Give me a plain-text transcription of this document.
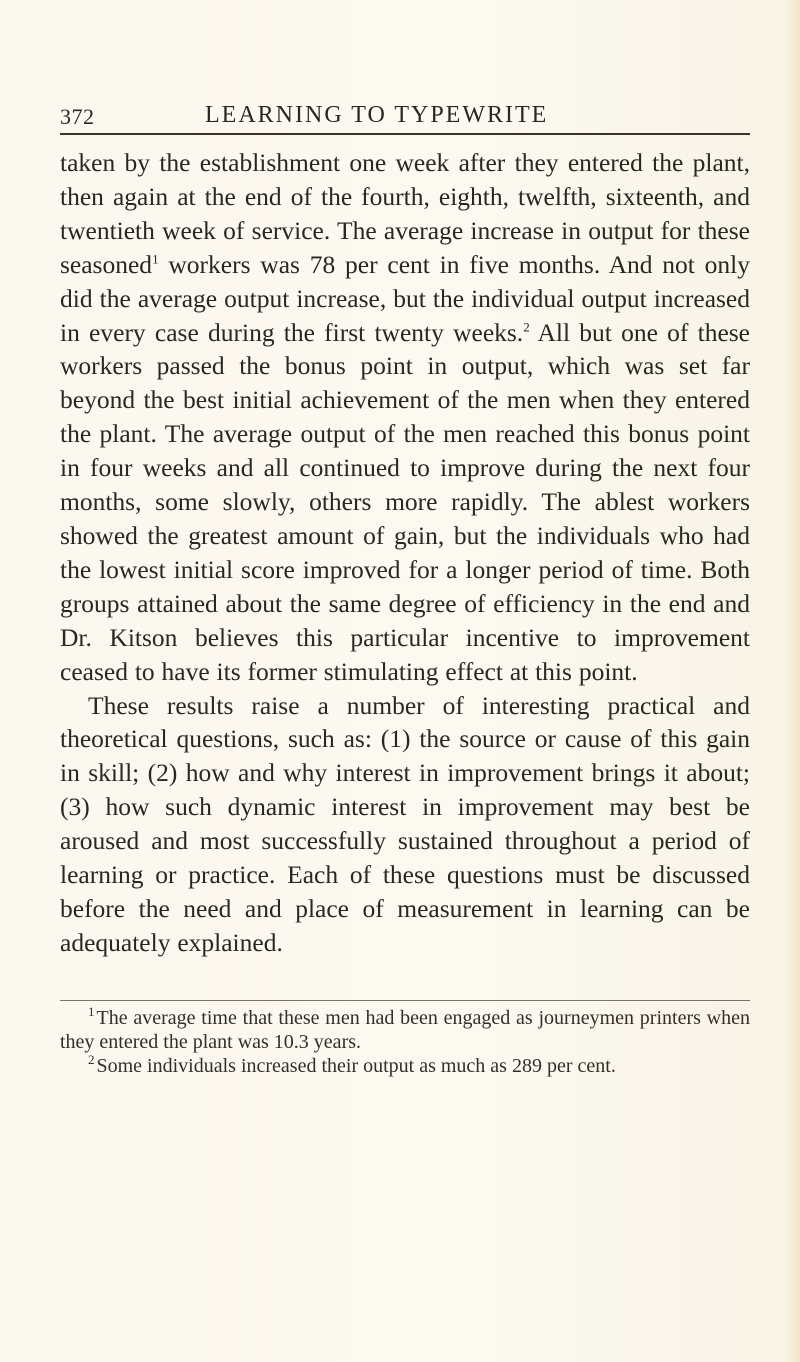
372	LEARNING TO TYPEWRITE

taken by the establishment one week after they entered the plant, then again at the end of the fourth, eighth, twelfth, sixteenth, and twentieth week of service. The average increase in output for these seasoned$^1$ workers was 78 per cent in five months. And not only did the average output increase, but the individual output increased in every case during the first twenty weeks.$^2$ All but one of these workers passed the bonus point in output, which was set far beyond the best initial achievement of the men when they entered the plant. The average output of the men reached this bonus point in four weeks and all continued to improve during the next four months, some slowly, others more rapidly. The ablest workers showed the greatest amount of gain, but the individuals who had the lowest initial score improved for a longer period of time. Both groups attained about the same degree of efficiency in the end and Dr. Kitson believes this particular incentive to improvement ceased to have its former stimulating effect at this point.

These results raise a number of interesting practical and theoretical questions, such as: (1) the source or cause of this gain in skill; (2) how and why interest in improvement brings it about; (3) how such dynamic interest in improvement may best be aroused and most successfully sustained throughout a period of learning or practice. Each of these questions must be discussed before the need and place of measurement in learning can be adequately explained.

$^1$ The average time that these men had been engaged as journeymen printers when they entered the plant was 10.3 years.

$^2$ Some individuals increased their output as much as 289 per cent.
